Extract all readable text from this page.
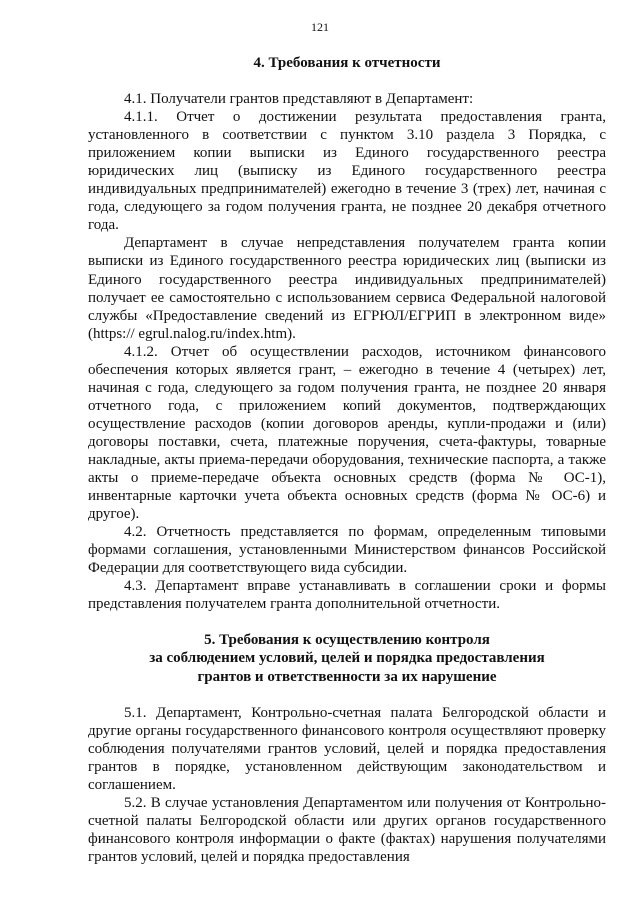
121

4. Требования к отчетности

4.1. Получатели грантов представляют в Департамент:

4.1.1. Отчет о достижении результата предоставления гранта, установленного в соответствии с пунктом 3.10 раздела 3 Порядка, с приложением копии выписки из Единого государственного реестра юридических лиц (выписку из Единого государственного реестра индивидуальных предпринимателей) ежегодно в течение 3 (трех) лет, начиная с года, следующего за годом получения гранта, не позднее 20 декабря отчетного года.

Департамент в случае непредставления получателем гранта копии выписки из Единого государственного реестра юридических лиц (выписки из Единого государственного реестра индивидуальных предпринимателей) получает ее самостоятельно с использованием сервиса Федеральной налоговой службы «Предоставление сведений из ЕГРЮЛ/ЕГРИП в электронном виде» (https:// egrul.nalog.ru/index.htm).

4.1.2. Отчет об осуществлении расходов, источником финансового обеспечения которых является грант, – ежегодно в течение 4 (четырех) лет, начиная с года, следующего за годом получения гранта, не позднее 20 января отчетного года, с приложением копий документов, подтверждающих осуществление расходов (копии договоров аренды, купли-продажи и (или) договоры поставки, счета, платежные поручения, счета-фактуры, товарные накладные, акты приема-передачи оборудования, технические паспорта, а также акты о приеме-передаче объекта основных средств (форма № ОС-1), инвентарные карточки учета объекта основных средств (форма № ОС-6) и другое).

4.2. Отчетность представляется по формам, определенным типовыми формами соглашения, установленными Министерством финансов Российской Федерации для соответствующего вида субсидии.

4.3. Департамент вправе устанавливать в соглашении сроки и формы представления получателем гранта дополнительной отчетности.

5. Требования к осуществлению контроля

за соблюдением условий, целей и порядка предоставления

грантов и ответственности за их нарушение

5.1. Департамент, Контрольно-счетная палата Белгородской области и другие органы государственного финансового контроля осуществляют проверку соблюдения получателями грантов условий, целей и порядка предоставления грантов в порядке, установленном действующим законодательством и соглашением.

5.2. В случае установления Департаментом или получения от Контрольно-счетной палаты Белгородской области или других органов государственного финансового контроля информации о факте (фактах) нарушения получателями грантов условий, целей и порядка предоставления
